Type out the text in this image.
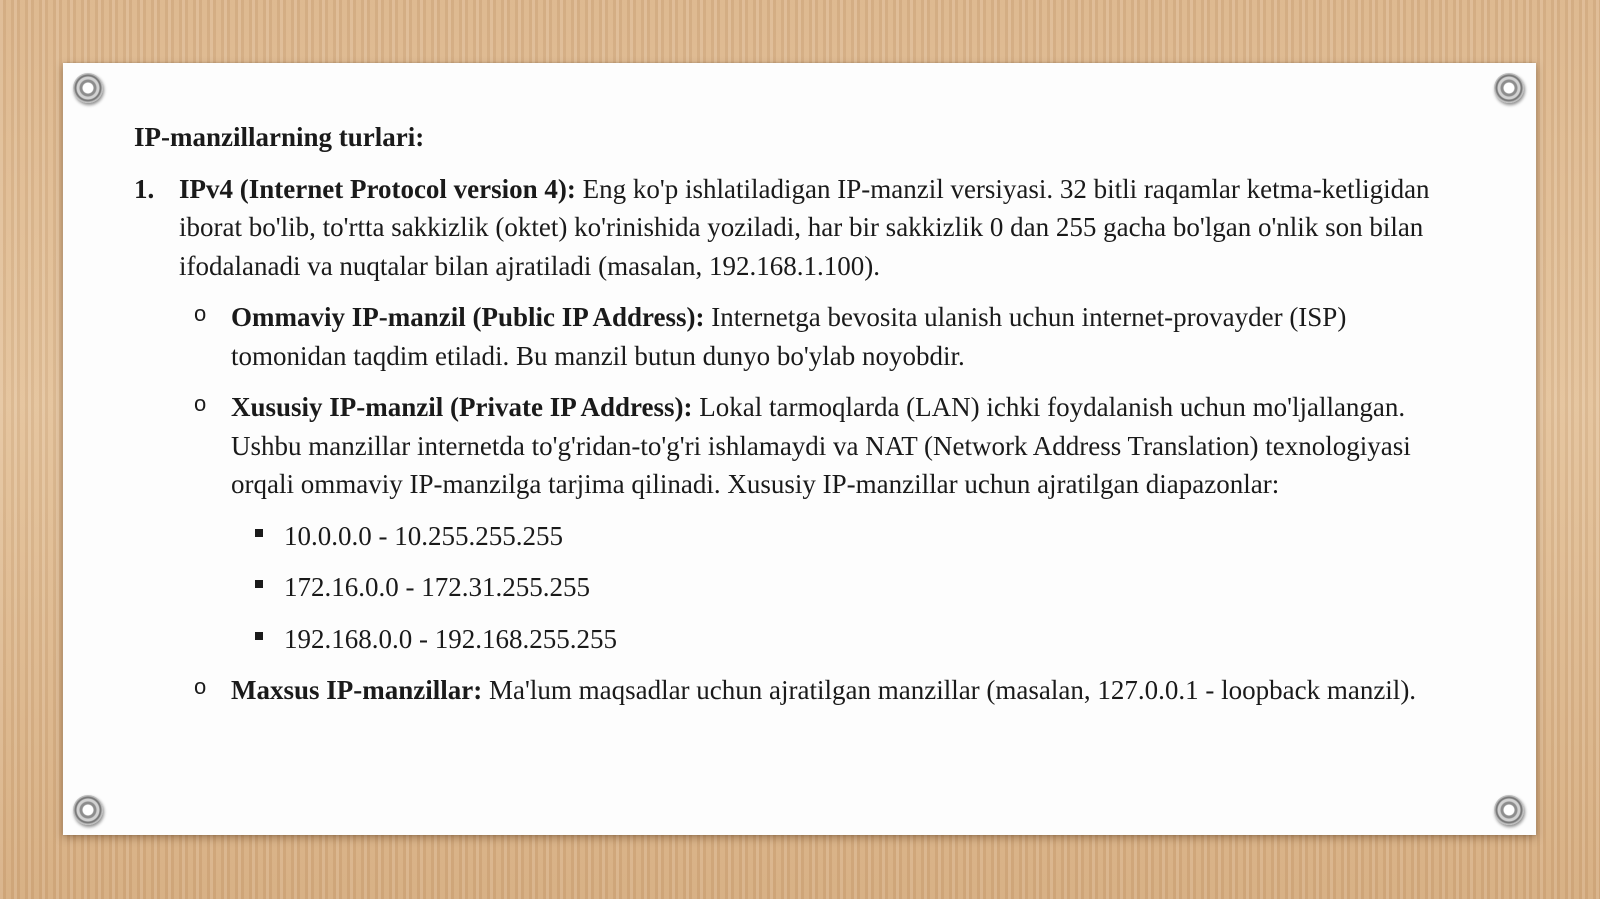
IP-manzillarning turlari:
1. IPv4 (Internet Protocol version 4): Eng ko'p ishlatiladigan IP-manzil versiyasi. 32 bitli raqamlar ketma-ketligidan iborat bo'lib, to'rtta sakkizlik (oktet) ko'rinishida yoziladi, har bir sakkizlik 0 dan 255 gacha bo'lgan o'nlik son bilan ifodalanadi va nuqtalar bilan ajratiladi (masalan, 192.168.1.100).
o Ommaviy IP-manzil (Public IP Address): Internetga bevosita ulanish uchun internet-provayder (ISP) tomonidan taqdim etiladi. Bu manzil butun dunyo bo'ylab noyobdir.
o Xususiy IP-manzil (Private IP Address): Lokal tarmoqlarda (LAN) ichki foydalanish uchun mo'ljallangan. Ushbu manzillar internetda to'g'ridan-to'g'ri ishlamaydi va NAT (Network Address Translation) texnologiyasi orqali ommaviy IP-manzilga tarjima qilinadi. Xususiy IP-manzillar uchun ajratilgan diapazonlar:
10.0.0.0 - 10.255.255.255
172.16.0.0 - 172.31.255.255
192.168.0.0 - 192.168.255.255
o Maxsus IP-manzillar: Ma'lum maqsadlar uchun ajratilgan manzillar (masalan, 127.0.0.1 - loopback manzil).
